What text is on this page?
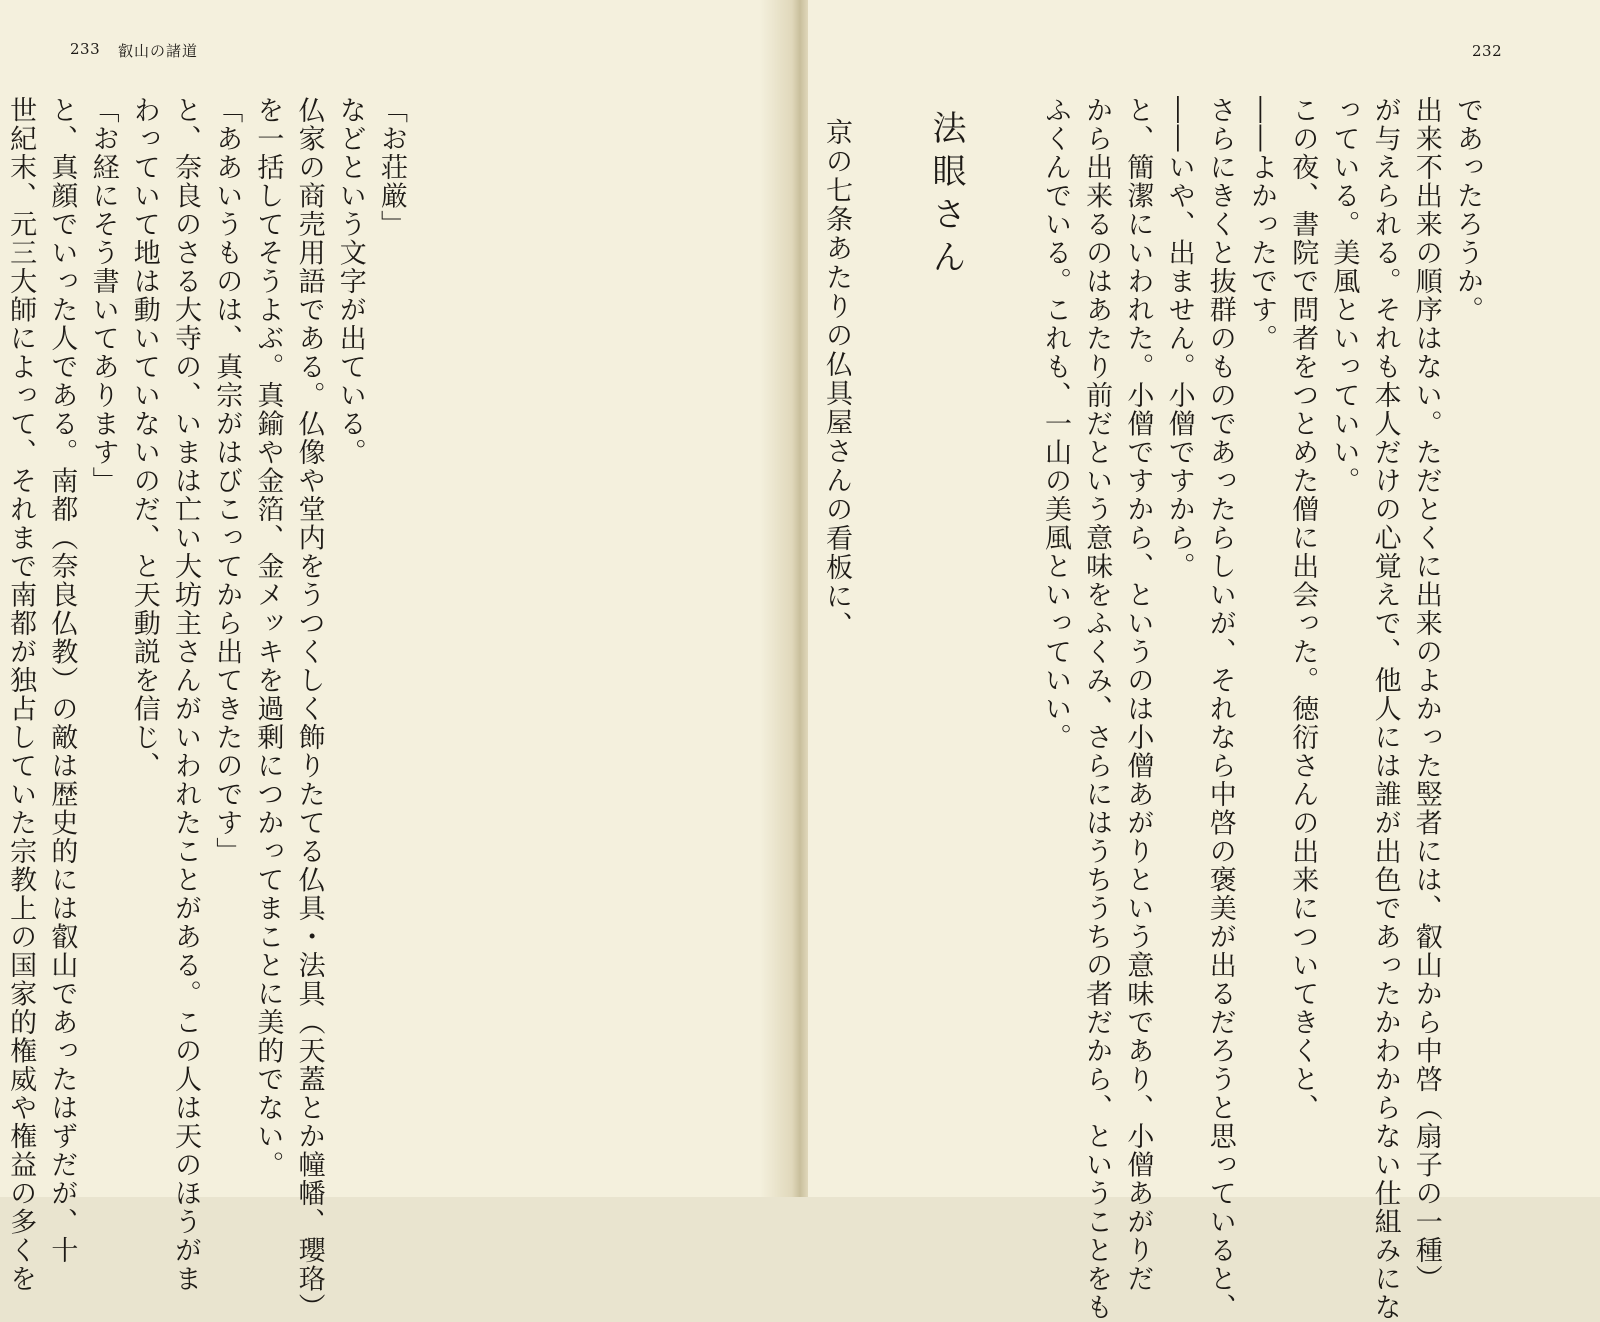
233 叡山の諸道
「お荘厳」
などという文字が出ている。
仏家の商売用語である。仏像や堂内をうつくしく飾りたてる仏具・法具（天蓋とか幢幡、瓔珞）
を一括してそうよぶ。真鍮や金箔、金メッキを過剰につかってまことに美的でない。
「ああいうものは、真宗がはびこってから出てきたのです」
と、奈良のさる大寺の、いまは亡い大坊主さんがいわれたことがある。この人は天のほうがま
わっていて地は動いていないのだ、と天動説を信じ、
「お経にそう書いてあります」
と、真顔でいった人である。南都（奈良仏教）の敵は歴史的には叡山であったはずだが、十
世紀末、元三大師によって、それまで南都が独占していた宗教上の国家的権威や権益の多くを
232
であったろうか。
出来不出来の順序はない。ただとくに出来のよかった竪者には、叡山から中啓（扇子の一種）
が与えられる。それも本人だけの心覚えで、他人には誰が出色であったかわからない仕組みにな
っている。美風といっていい。
この夜、書院で問者をつとめた僧に出会った。徳衍さんの出来についてきくと、
――よかったです。
さらにきくと抜群のものであったらしいが、それなら中啓の褒美が出るだろうと思っていると、
――いや、出ません。小僧ですから。
と、簡潔にいわれた。小僧ですから、というのは小僧あがりという意味であり、小僧あがりだ
から出来るのはあたり前だという意味をふくみ、さらにはうちうちの者だから、ということをも
ふくんでいる。これも、一山の美風といっていい。
法眼さん
京の七条あたりの仏具屋さんの看板に、
